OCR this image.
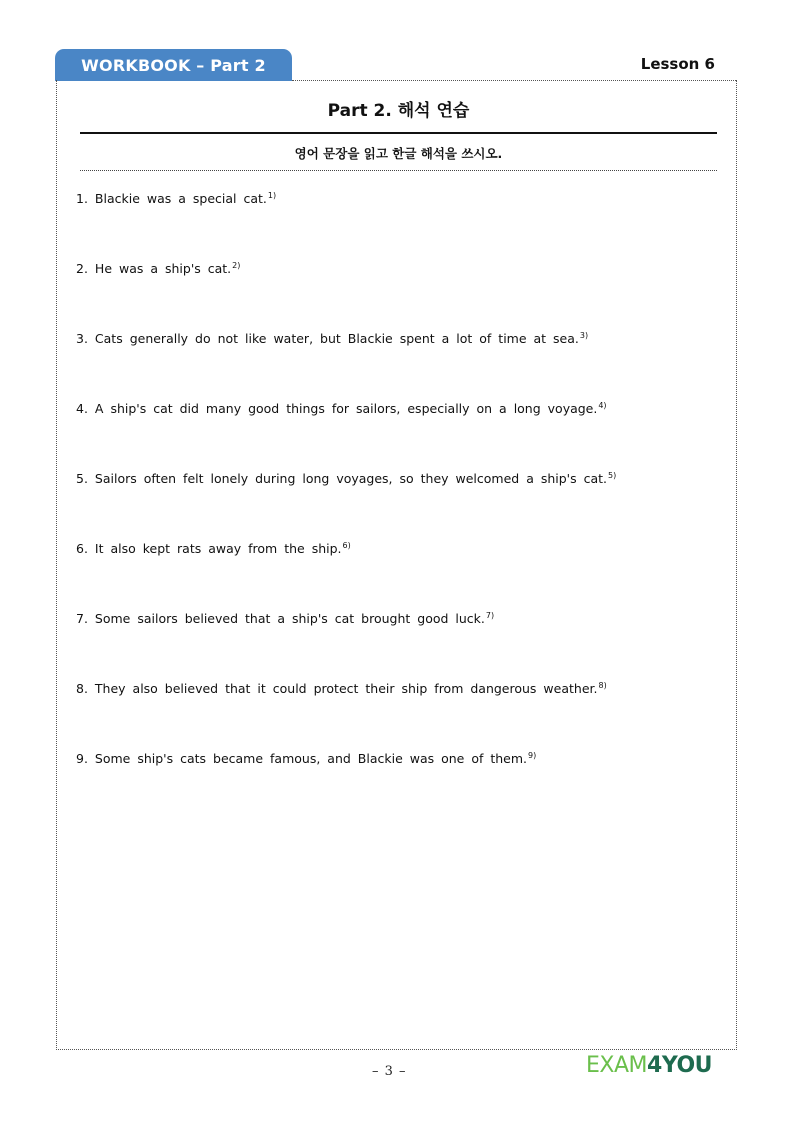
WORKBOOK – Part 2	Lesson 6
Part 2. 해석 연습
영어 문장을 읽고 한글 해석을 쓰시오.
1. Blackie was a special cat.$^{1)}$
2. He was a ship's cat.$^{2)}$
3. Cats generally do not like water, but Blackie spent a lot of time at sea.$^{3)}$
4. A ship's cat did many good things for sailors, especially on a long voyage.$^{4)}$
5. Sailors often felt lonely during long voyages, so they welcomed a ship's cat.$^{5)}$
6. It also kept rats away from the ship.$^{6)}$
7. Some sailors believed that a ship's cat brought good luck.$^{7)}$
8. They also believed that it could protect their ship from dangerous weather.$^{8)}$
9. Some ship's cats became famous, and Blackie was one of them.$^{9)}$
– 3 –	EXAM4YOU
